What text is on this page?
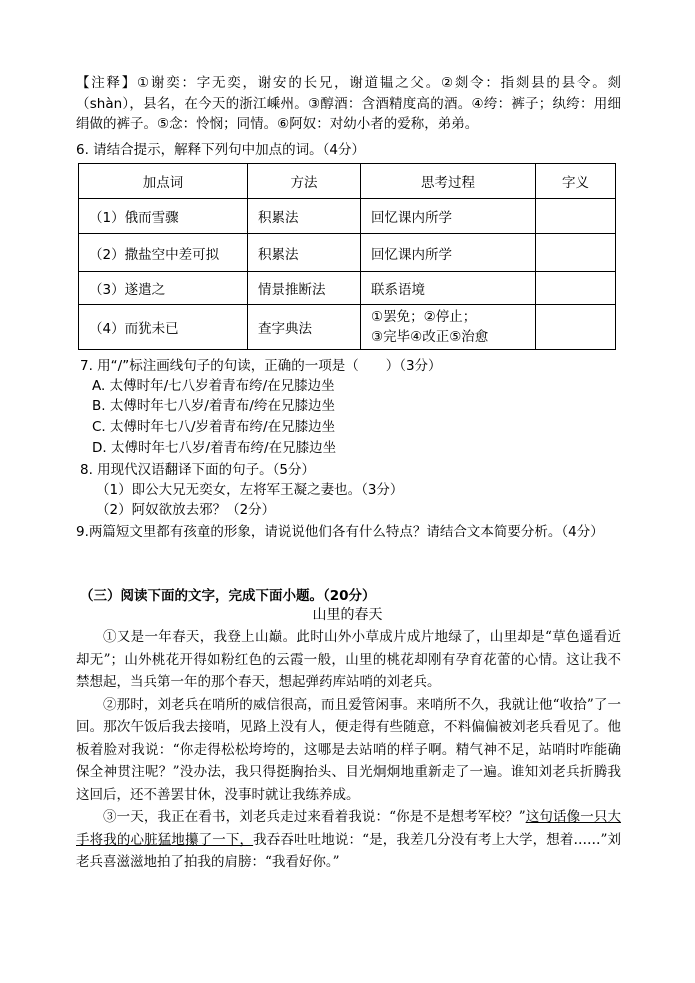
【注释】①谢奕：字无奕，谢安的长兄，谢道韫之父。②剡令：指剡县的县令。剡（shàn），县名，在今天的浙江嵊州。③醇酒：含酒精度高的酒。④绔：裤子；纨绔：用细绢做的裤子。⑤念：怜悯；同情。⑥阿奴：对幼小者的爱称，弟弟。

6. 请结合提示，解释下列句中加点的词。（4分）

加点词	方法	思考过程	字义
（1）俄而雪骤	积累法	回忆课内所学	
（2）撒盐空中差可拟	积累法	回忆课内所学	
（3）遂遣之	情景推断法	联系语境	
（4）而犹未已	查字典法	①罢免；②停止；
③完毕④改正⑤治愈	

7. 用“/”标注画线句子的句读，正确的一项是（　　）（3分）

A. 太傅时年/七八岁着青布绔/在兄膝边坐
B. 太傅时年七八岁/着青布/绔在兄膝边坐
C. 太傅时年七八/岁着青布绔/在兄膝边坐
D. 太傅时年七八岁/着青布绔/在兄膝边坐

8. 用现代汉语翻译下面的句子。（5分）

（1）即公大兄无奕女，左将军王凝之妻也。（3分）

（2）阿奴欲放去邪？（2分）

9.两篇短文里都有孩童的形象，请说说他们各有什么特点？请结合文本简要分析。（4分）

（三）阅读下面的文字，完成下面小题。（20分）
山里的春天

①又是一年春天，我登上山巅。此时山外小草成片成片地绿了，山里却是“草色遥看近却无”；山外桃花开得如粉红色的云霞一般，山里的桃花却刚有孕育花蕾的心情。这让我不禁想起，当兵第一年的那个春天，想起弹药库站哨的刘老兵。

②那时，刘老兵在哨所的威信很高，而且爱管闲事。来哨所不久，我就让他“收拾”了一回。那次午饭后我去接哨，见路上没有人，便走得有些随意，不料偏偏被刘老兵看见了。他板着脸对我说：“你走得松松垮垮的，这哪是去站哨的样子啊。精气神不足，站哨时咋能确保全神贯注呢？”没办法，我只得挺胸抬头、目光炯炯地重新走了一遍。谁知刘老兵折腾我这回后，还不善罢甘休，没事时就让我练养成。

③一天，我正在看书，刘老兵走过来看着我说：“你是不是想考军校？”这句话像一只大手将我的心脏猛地攥了一下，我吞吞吐吐地说：“是，我差几分没有考上大学，想着……”刘老兵喜滋滋地拍了拍我的肩膀：“我看好你。”
